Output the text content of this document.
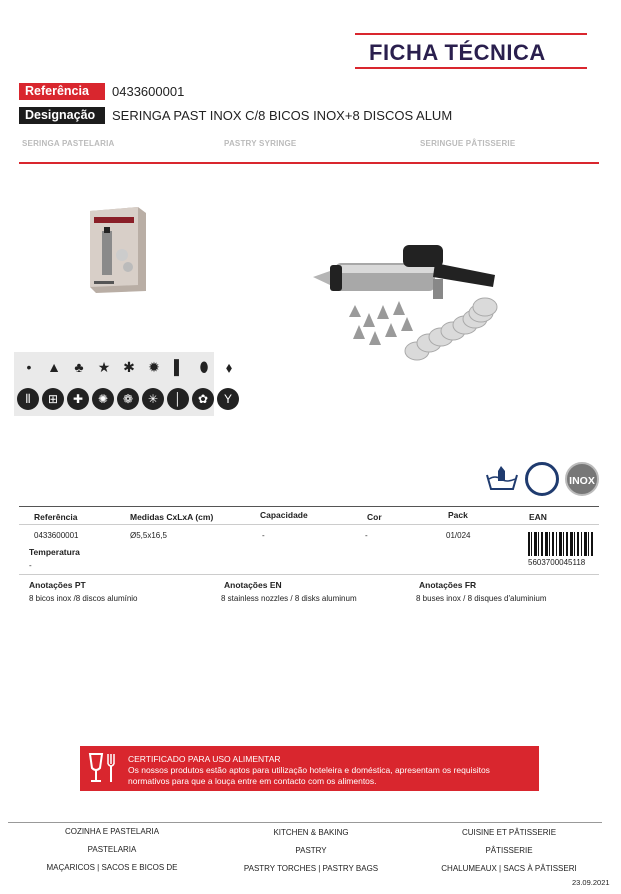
FICHA TÉCNICA
Referência	0433600001
Designação	SERINGA PAST INOX C/8 BICOS INOX+8 DISCOS ALUM
SERINGA PASTELARIA	PASTRY SYRINGE	SERINGUE PÂTISSERIE
•	▲ ♣	★ ✱ ✹ ▌	⬮	⬧
⦀	⊞	✚	✺	❁	✳	│	✿	Y
INOX
Referência	Medidas CxLxA (cm)	Capacidade	Cor	Pack	EAN
0433600001	Ø5,5x16,5	-	-	01/024
5603700045118
Temperatura
-
Anotações PT
8 bicos inox /8 discos alumínio
Anotações EN
8 stainless nozzles / 8 disks aluminum
Anotações FR
8 buses inox / 8 disques d'aluminium
CERTIFICADO PARA USO ALIMENTAR
Os nossos produtos estão aptos para utilização hoteleira e doméstica, apresentam os requisitos normativos para que a louça entre em contacto com os alimentos.
COZINHA E PASTELARIA
PASTELARIA
MAÇARICOS | SACOS E BICOS DE
KITCHEN & BAKING
PASTRY
PASTRY TORCHES | PASTRY BAGS
CUISINE ET PÂTISSERIE
PÂTISSERIE
CHALUMEAUX | SACS À PÂTISSERI
23.09.2021
